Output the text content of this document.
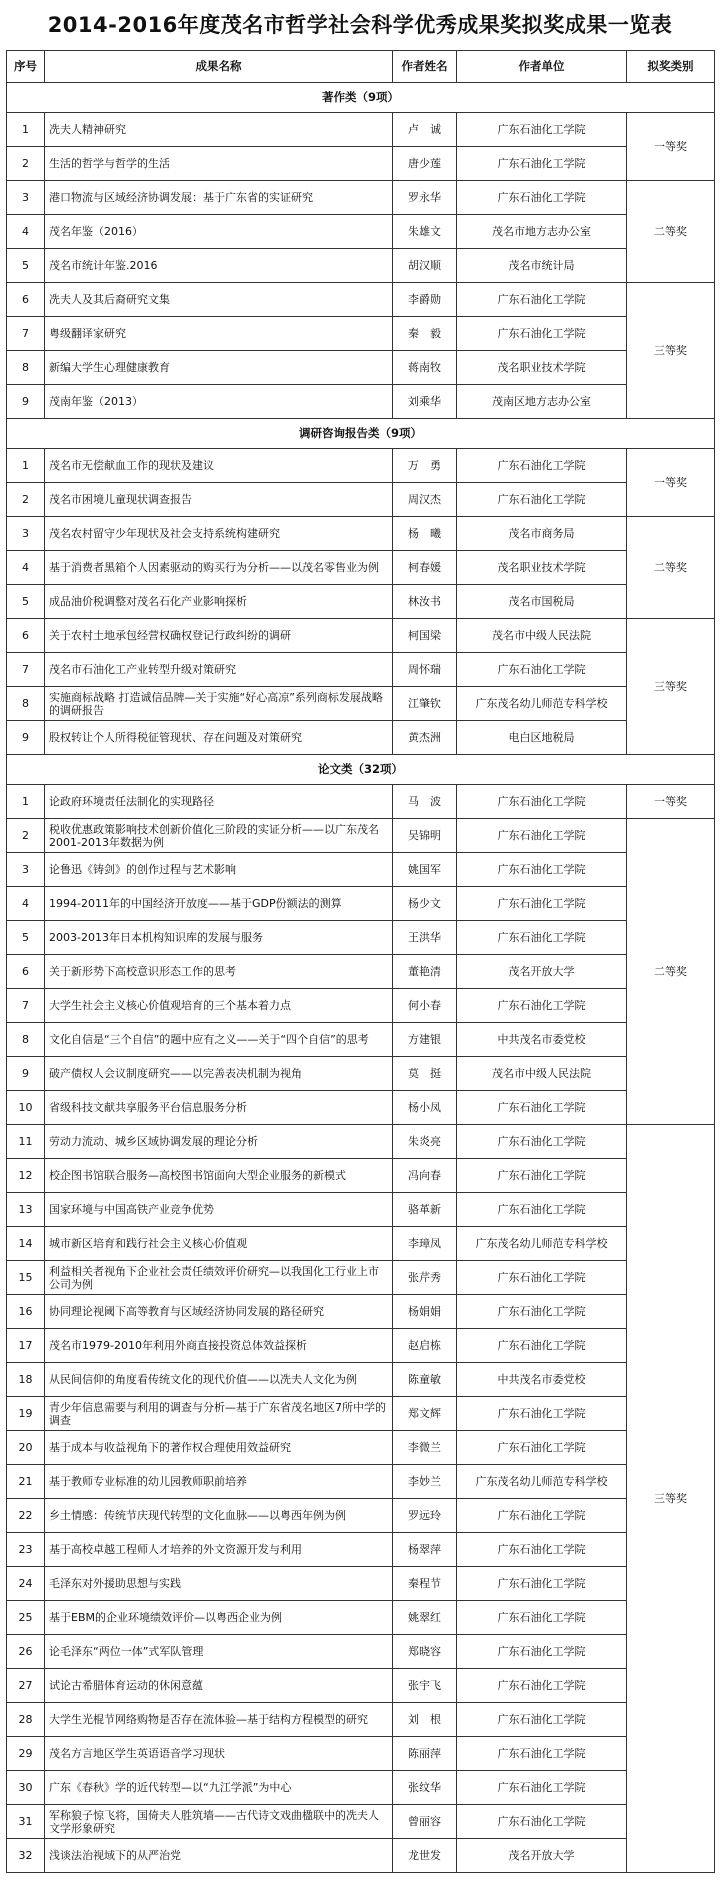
2014-2016年度茂名市哲学社会科学优秀成果奖拟奖成果一览表
序号	成果名称	作者姓名	作者单位	拟奖类别
著作类（9项）				
1	冼夫人精神研究	卢　诚	广东石油化工学院	一等奖
2	生活的哲学与哲学的生活	唐少莲	广东石油化工学院	
3	港口物流与区域经济协调发展：基于广东省的实证研究	罗永华	广东石油化工学院	二等奖
4	茂名年鉴（2016）	朱雄文	茂名市地方志办公室	
5	茂名市统计年鉴.2016	胡汉顺	茂名市统计局	
6	冼夫人及其后裔研究文集	李爵勋	广东石油化工学院	三等奖
7	粤级翻译家研究	秦　毅	广东石油化工学院	
8	新编大学生心理健康教育	蒋南牧	茂名职业技术学院	
9	茂南年鉴（2013）	刘乘华	茂南区地方志办公室	
调研咨询报告类（9项）				
1	茂名市无偿献血工作的现状及建议	万　勇	广东石油化工学院	一等奖
2	茂名市困境儿童现状调查报告	周汉杰	广东石油化工学院	
3	茂名农村留守少年现状及社会支持系统构建研究	杨　曦	茂名市商务局	二等奖
4	基于消费者黑箱个人因素驱动的购买行为分析——以茂名零售业为例	柯春媛	茂名职业技术学院	
5	成品油价税调整对茂名石化产业影响探析	林汝书	茂名市国税局	
6	关于农村土地承包经营权确权登记行政纠纷的调研	柯国梁	茂名市中级人民法院	三等奖
7	茂名市石油化工产业转型升级对策研究	周怀瑞	广东石油化工学院	
8	实施商标战略 打造诚信品牌—关于实施“好心高凉”系列商标发展战略的调研报告	江肇钦	广东茂名幼儿师范专科学校	
9	股权转让个人所得税征管现状、存在问题及对策研究	黄杰洲	电白区地税局	
论文类（32项）				
1	论政府环境责任法制化的实现路径	马　波	广东石油化工学院	一等奖
2	税收优惠政策影响技术创新价值化三阶段的实证分析——以广东茂名2001-2013年数据为例	吴锦明	广东石油化工学院	二等奖
3	论鲁迅《铸剑》的创作过程与艺术影响	姚国军	广东石油化工学院	
4	1994-2011年的中国经济开放度——基于GDP份额法的测算	杨少文	广东石油化工学院	
5	2003-2013年日本机构知识库的发展与服务	王洪华	广东石油化工学院	
6	关于新形势下高校意识形态工作的思考	董艳清	茂名开放大学	
7	大学生社会主义核心价值观培育的三个基本着力点	何小春	广东石油化工学院	
8	文化自信是“三个自信”的题中应有之义——关于“四个自信”的思考	方建银	中共茂名市委党校	
9	破产债权人会议制度研究——以完善表决机制为视角	莫　挺	茂名市中级人民法院	
10	省级科技文献共享服务平台信息服务分析	杨小凤	广东石油化工学院	
11	劳动力流动、城乡区域协调发展的理论分析	朱炎亮	广东石油化工学院	三等奖
12	校企图书馆联合服务—高校图书馆面向大型企业服务的新模式	冯向春	广东石油化工学院	
13	国家环境与中国高铁产业竞争优势	骆革新	广东石油化工学院	
14	城市新区培育和践行社会主义核心价值观	李璋凤	广东茂名幼儿师范专科学校	
15	利益相关者视角下企业社会责任绩效评价研究—以我国化工行业上市公司为例	张芹秀	广东石油化工学院	
16	协同理论视阈下高等教育与区域经济协同发展的路径研究	杨娟娟	广东石油化工学院	
17	茂名市1979-2010年利用外商直接投资总体效益探析	赵启栋	广东石油化工学院	
18	从民间信仰的角度看传统文化的现代价值——以冼夫人文化为例	陈童敏	中共茂名市委党校	
19	青少年信息需要与利用的调查与分析—基于广东省茂名地区7所中学的调查	郑文辉	广东石油化工学院	
20	基于成本与收益视角下的著作权合理使用效益研究	李微兰	广东石油化工学院	
21	基于教师专业标准的幼儿园教师职前培养	李妙兰	广东茂名幼儿师范专科学校	
22	乡土情感：传统节庆现代转型的文化血脉——以粤西年例为例	罗远玲	广东石油化工学院	
23	基于高校卓越工程师人才培养的外文资源开发与利用	杨翠萍	广东石油化工学院	
24	毛泽东对外援助思想与实践	秦程节	广东石油化工学院	
25	基于EBM的企业环境绩效评价—以粤西企业为例	姚翠红	广东石油化工学院	
26	论毛泽东“两位一体”式军队管理	郑晓容	广东石油化工学院	
27	试论古希腊体育运动的休闲意蕴	张宇飞	广东石油化工学院	
28	大学生光棍节网络购物是否存在流体验—基于结构方程模型的研究	刘　根	广东石油化工学院	
29	茂名方言地区学生英语语音学习现状	陈丽萍	广东石油化工学院	
30	广东《春秋》学的近代转型—以“九江学派”为中心	张纹华	广东石油化工学院	
31	军称狼子惊飞将，国倚夫人胜筑墙——古代诗文戏曲楹联中的冼夫人文学形象研究	曾丽容	广东石油化工学院	
32	浅谈法治视域下的从严治党	龙世发	茂名开放大学	
